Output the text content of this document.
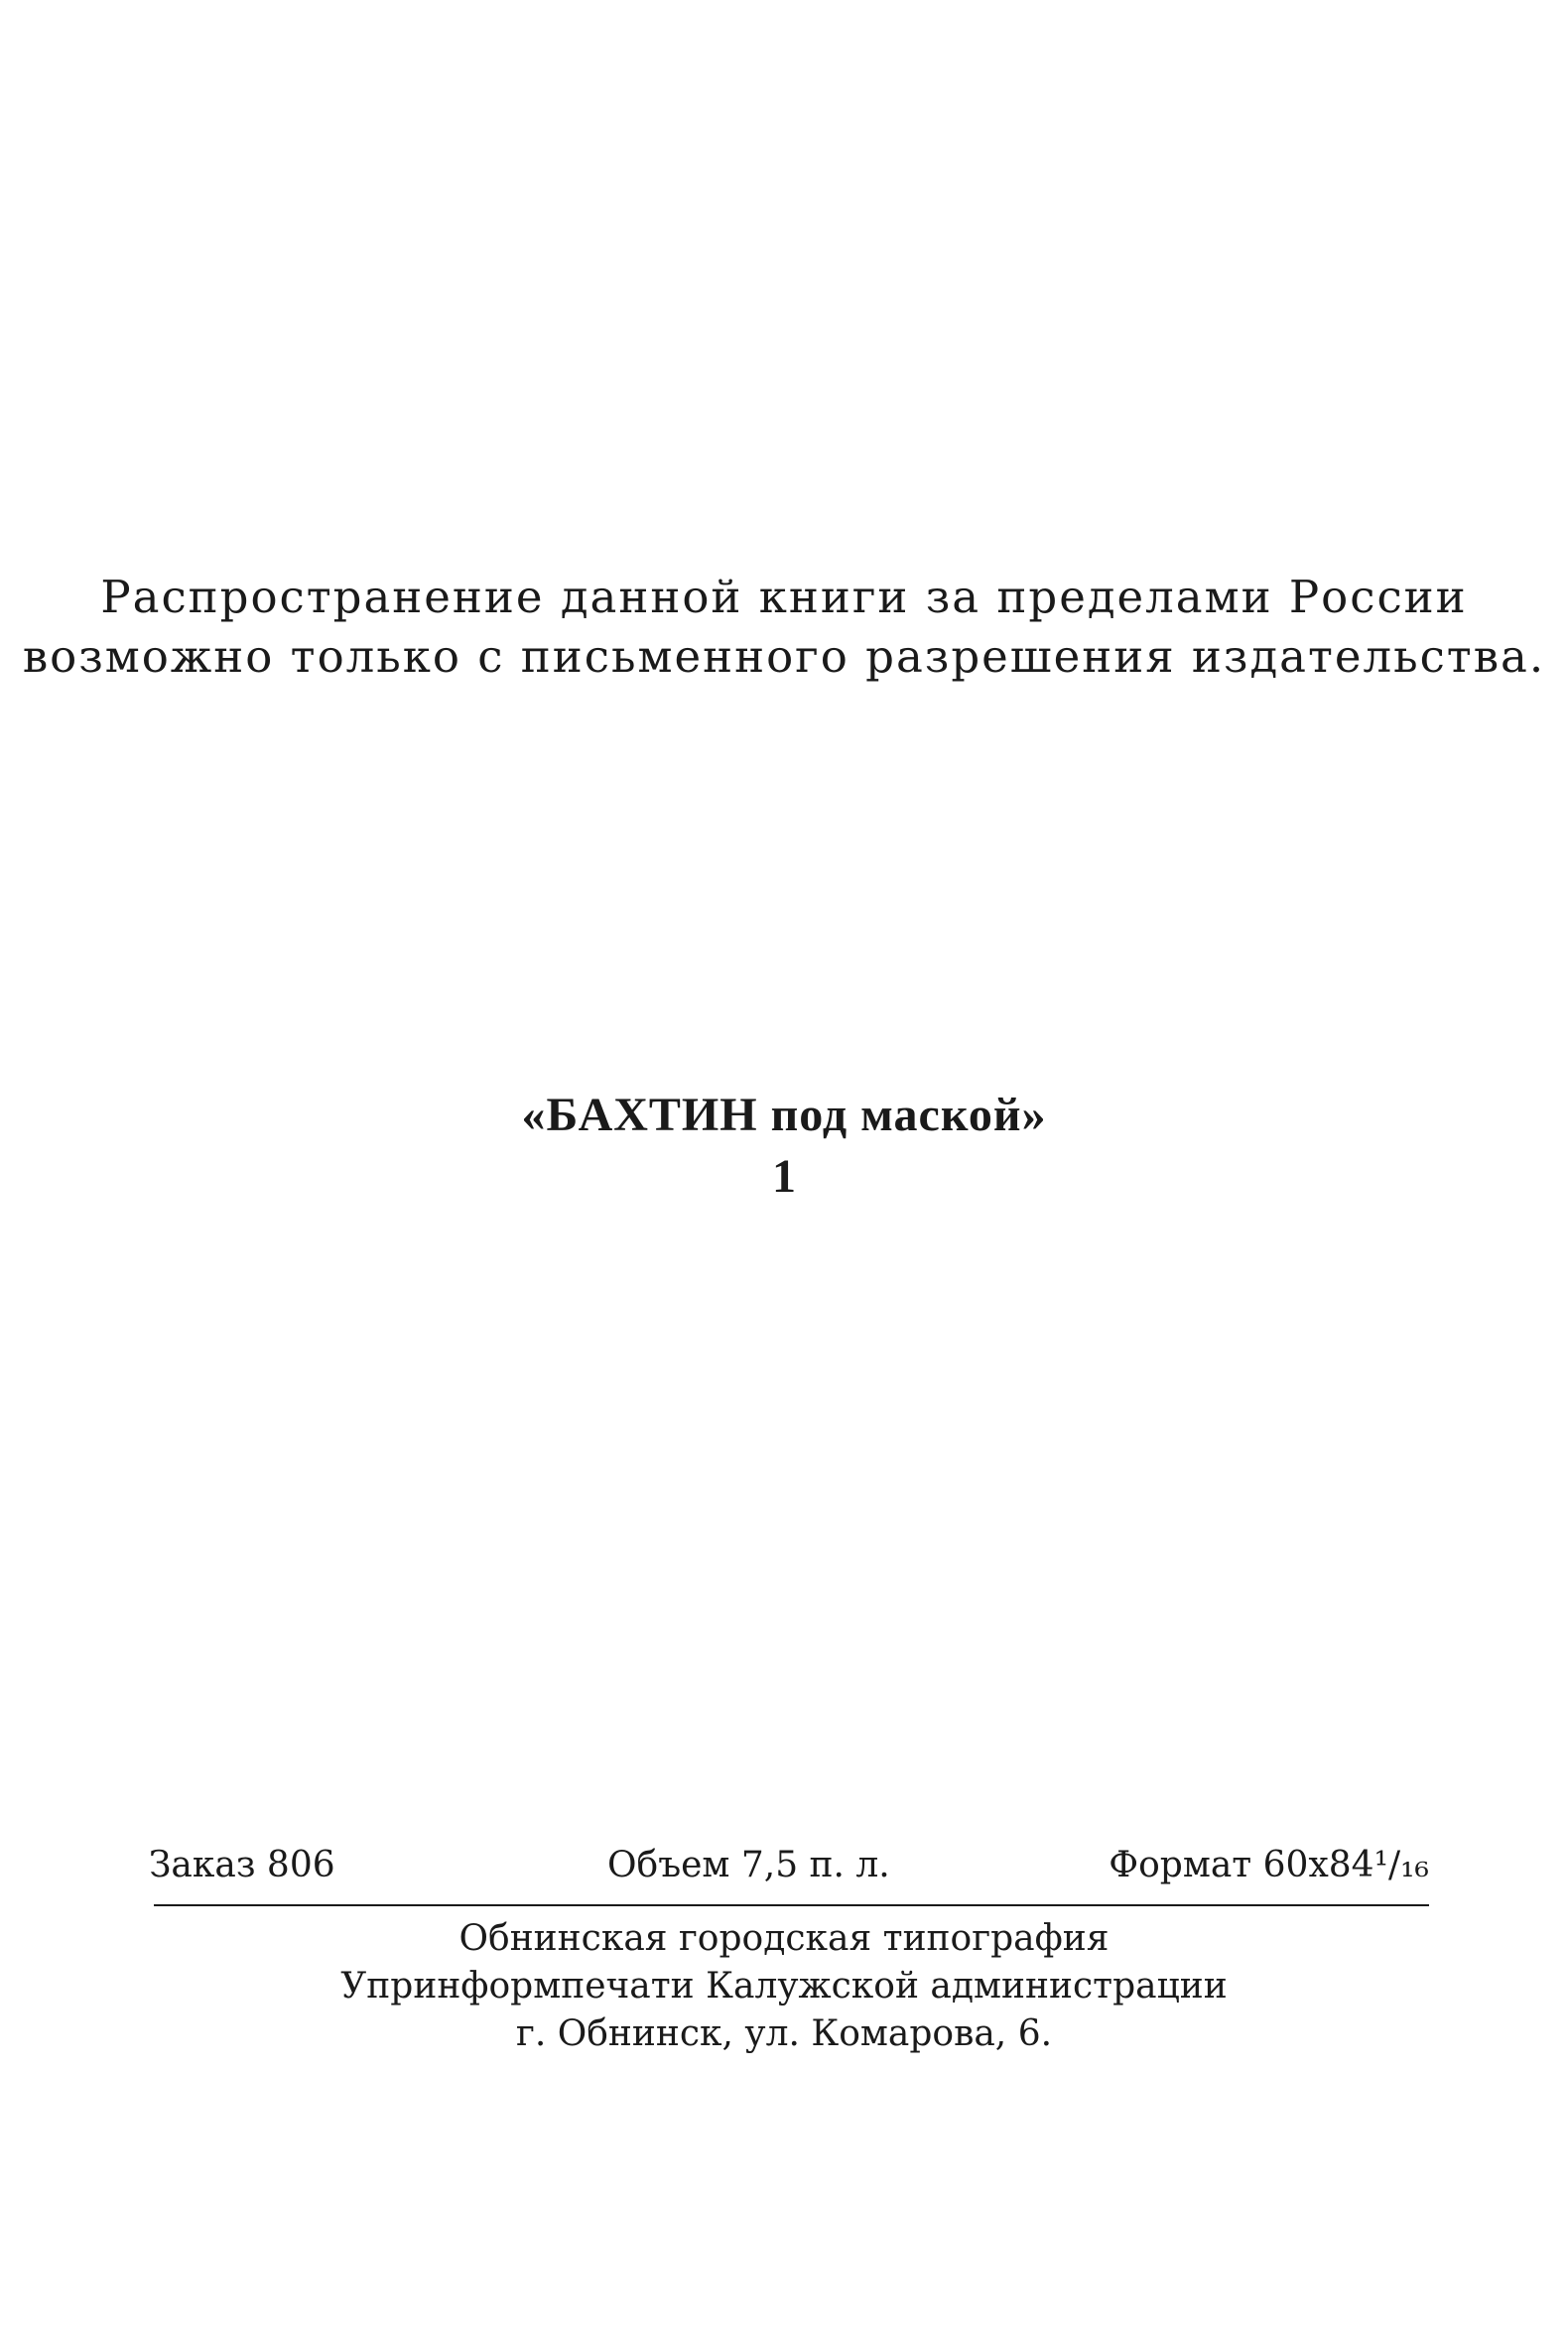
Распространение данной книги за пределами России
возможно только с письменного разрешения издательства.
«БАХТИН под маской»
1
Заказ 806	Объем 7,5 п. л.	Формат 60х84¹/₁₆
Обнинская городская типография
Упринформпечати Калужской администрации
г. Обнинск, ул. Комарова, 6.
